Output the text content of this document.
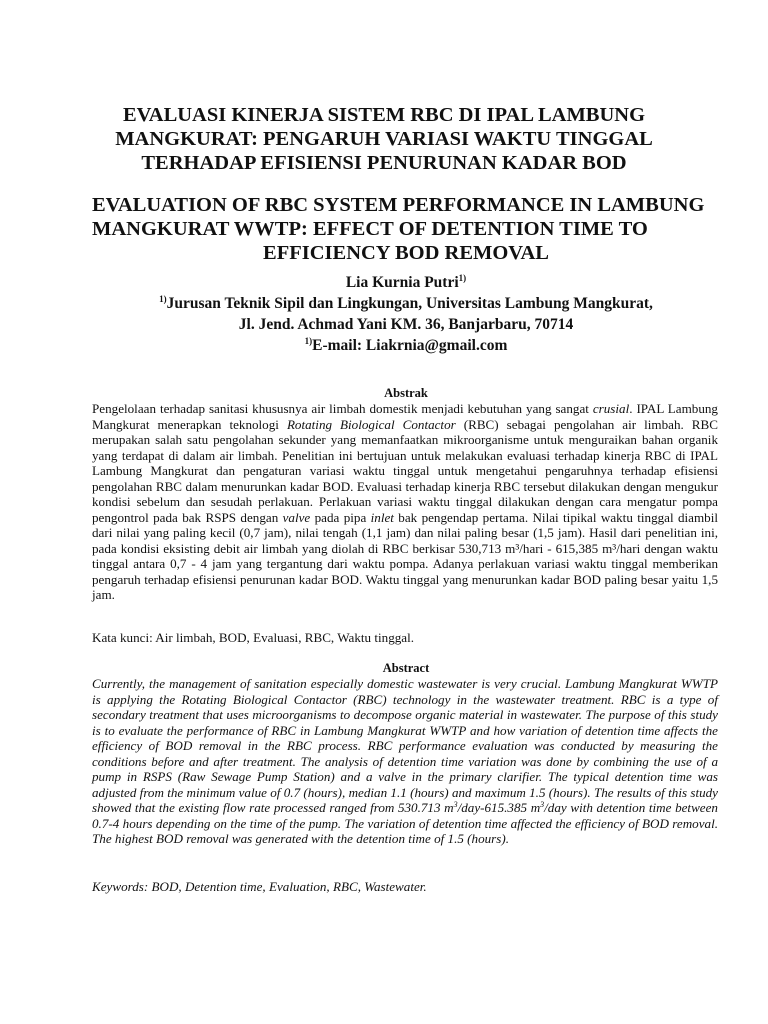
EVALUASI KINERJA SISTEM RBC DI IPAL LAMBUNG
MANGKURAT: PENGARUH VARIASI WAKTU TINGGAL
TERHADAP EFISIENSI PENURUNAN KADAR BOD
EVALUATION OF RBC SYSTEM PERFORMANCE IN LAMBUNG
MANGKURAT WWTP: EFFECT OF DETENTION TIME TO
EFFICIENCY BOD REMOVAL
Lia Kurnia Putri$^{1)}$
$^{1)}$Jurusan Teknik Sipil dan Lingkungan, Universitas Lambung Mangkurat,
Jl. Jend. Achmad Yani KM. 36, Banjarbaru, 70714
$^{1)}$E-mail: Liakrnia@gmail.com
Abstrak

Pengelolaan terhadap sanitasi khususnya air limbah domestik menjadi kebutuhan yang sangat crusial. IPAL Lambung Mangkurat menerapkan teknologi Rotating Biological Contactor (RBC) sebagai pengolahan air limbah. RBC merupakan salah satu pengolahan sekunder yang memanfaatkan mikroorganisme untuk menguraikan bahan organik yang terdapat di dalam air limbah. Penelitian ini bertujuan untuk melakukan evaluasi terhadap kinerja RBC di IPAL Lambung Mangkurat dan pengaturan variasi waktu tinggal untuk mengetahui pengaruhnya terhadap efisiensi pengolahan RBC dalam menurunkan kadar BOD. Evaluasi terhadap kinerja RBC tersebut dilakukan dengan mengukur kondisi sebelum dan sesudah perlakuan. Perlakuan variasi waktu tinggal dilakukan dengan cara mengatur pompa pengontrol pada bak RSPS dengan valve pada pipa inlet bak pengendap pertama. Nilai tipikal waktu tinggal diambil dari nilai yang paling kecil (0,7 jam), nilai tengah (1,1 jam) dan nilai paling besar (1,5 jam). Hasil dari penelitian ini, pada kondisi eksisting debit air limbah yang diolah di RBC berkisar 530,713 m³/hari - 615,385 m³/hari dengan waktu tinggal antara 0,7 - 4 jam yang tergantung dari waktu pompa. Adanya perlakuan variasi waktu tinggal memberikan pengaruh terhadap efisiensi penurunan kadar BOD. Waktu tinggal yang menurunkan kadar BOD paling besar yaitu 1,5 jam.

Kata kunci: Air limbah, BOD, Evaluasi, RBC, Waktu tinggal.
Abstract

Currently, the management of sanitation especially domestic wastewater is very crucial. Lambung Mangkurat WWTP is applying the Rotating Biological Contactor (RBC) technology in the wastewater treatment. RBC is a type of secondary treatment that uses microorganisms to decompose organic material in wastewater. The purpose of this study is to evaluate the performance of RBC in Lambung Mangkurat WWTP and how variation of detention time affects the efficiency of BOD removal in the RBC process. RBC performance evaluation was conducted by measuring the conditions before and after treatment. The analysis of detention time variation was done by combining the use of a pump in RSPS (Raw Sewage Pump Station) and a valve in the primary clarifier. The typical detention time was adjusted from the minimum value of 0.7 (hours), median 1.1 (hours) and maximum 1.5 (hours). The results of this study showed that the existing flow rate processed ranged from 530.713 $m^3/day-615.385$ $m^3$/day with detention time between 0.7-4 hours depending on the time of the pump. The variation of detention time affected the efficiency of BOD removal. The highest BOD removal was generated with the detention time of 1.5 (hours).

Keywords: BOD, Detention time, Evaluation, RBC, Wastewater.
